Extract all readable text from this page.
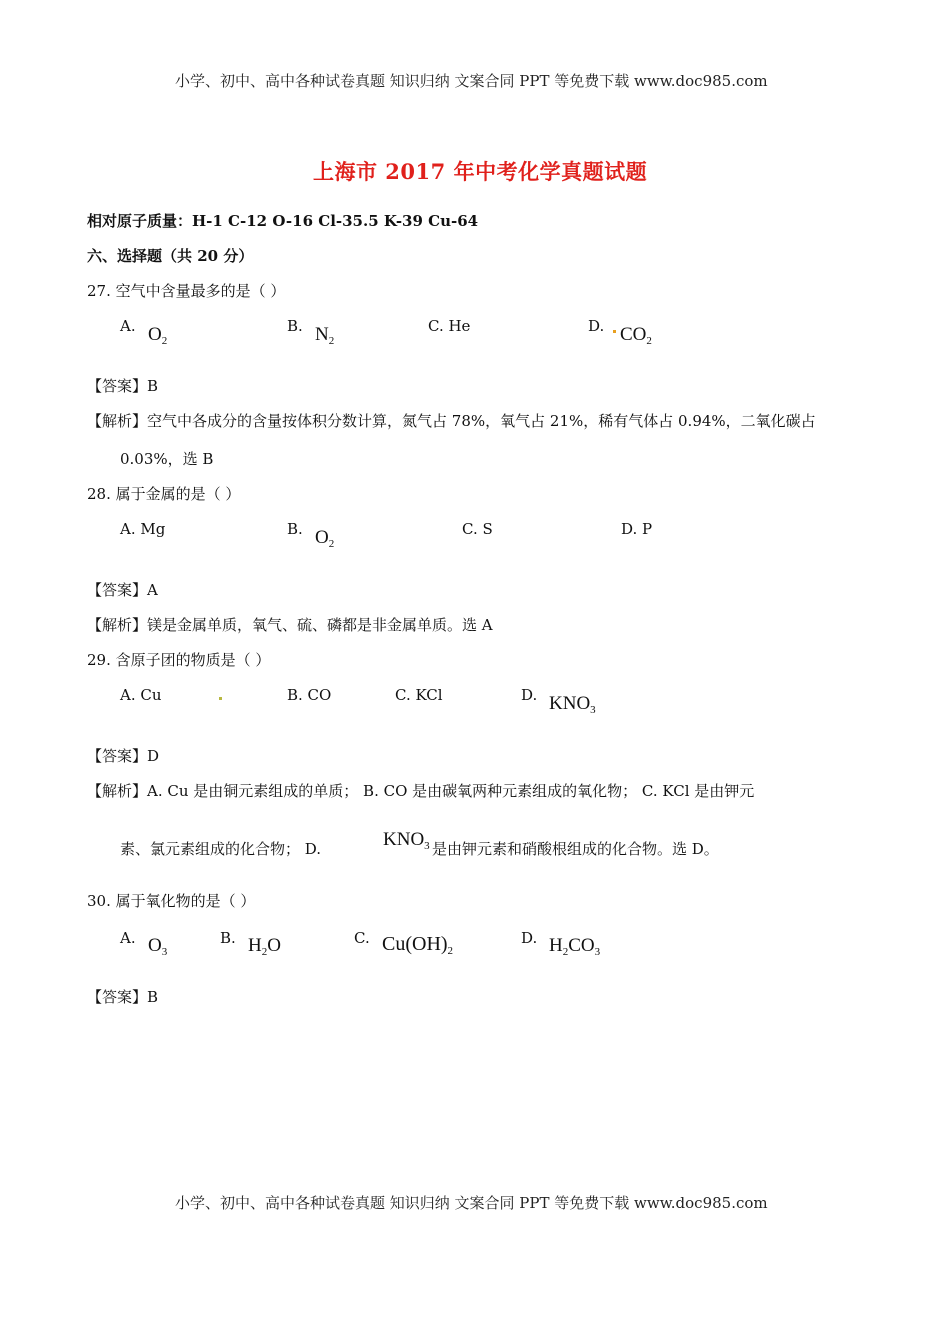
小学、初中、高中各种试卷真题 知识归纳 文案合同 PPT 等免费下载 www.doc985.com
上海市 2017 年中考化学真题试题
相对原子质量：H-1 C-12 O-16 Cl-35.5 K-39 Cu-64
六、选择题（共 20 分）
27. 空气中含量最多的是（ ）
A. $O_2$
B. $N_2$
C. He	D. $CO_2$
【答案】B
【解析】空气中各成分的含量按体积分数计算，氮气占 78%，氧气占 21%，稀有气体占 0.94%，二氧化碳占
0.03%，选 B
28. 属于金属的是（ ）
A. Mg	B. $O_2$
C. S	D. P
【答案】A
【解析】镁是金属单质，氧气、硫、磷都是非金属单质。选 A
29. 含原子团的物质是（ ）
A. Cu	B. CO	C. KCl	D. $KNO_3$
【答案】D
【解析】A. Cu 是由铜元素组成的单质； B. CO 是由碳氧两种元素组成的氧化物； C. KCl 是由钾元
素、氯元素组成的化合物； D.	$KNO_3$ 是由钾元素和硝酸根组成的化合物。选 D。
30. 属于氧化物的是（ ）
A. $O_3$
B. $H_2O$	C. $Cu(OH)_2$
D. $H_2CO_3$
【答案】B
小学、初中、高中各种试卷真题 知识归纳 文案合同 PPT 等免费下载 www.doc985.com
